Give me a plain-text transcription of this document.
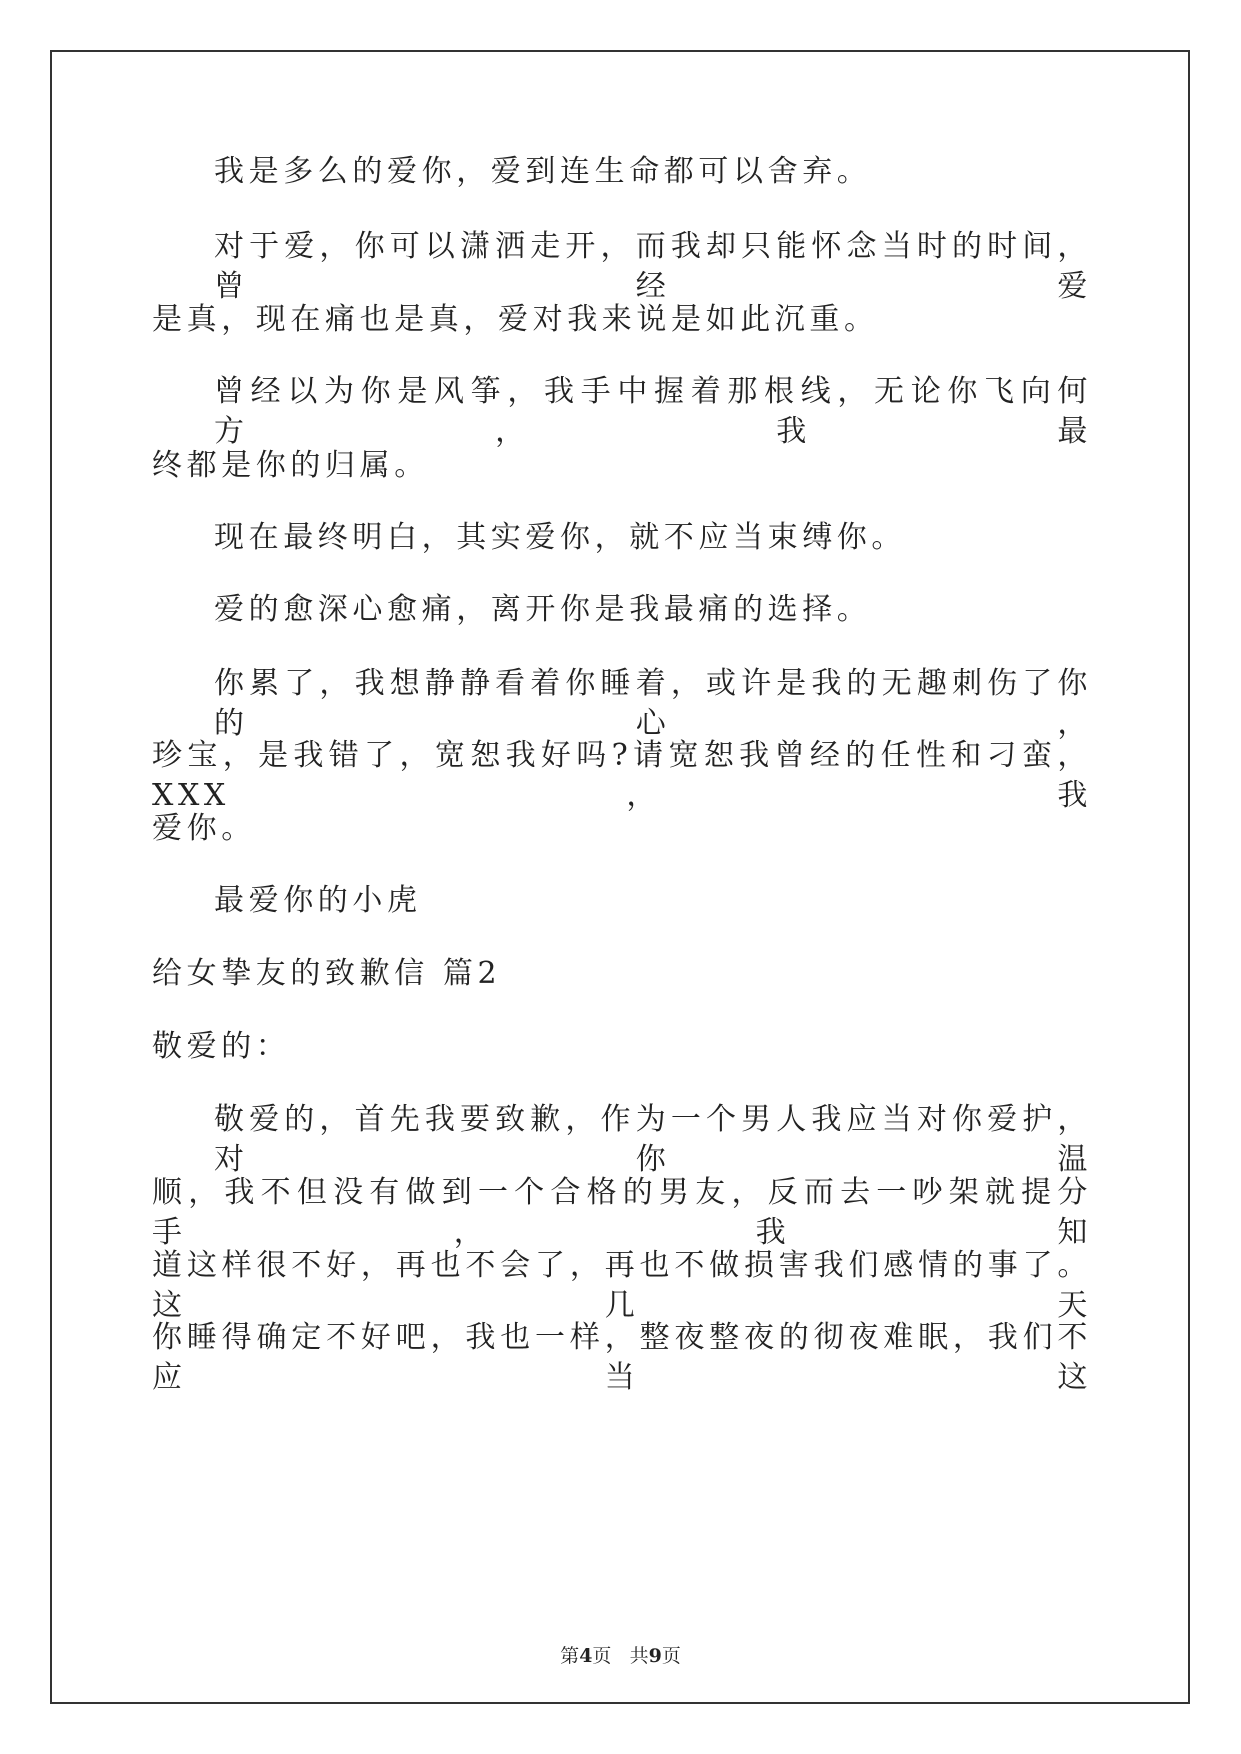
我是多么的爱你，爱到连生命都可以舍弃。
对于爱，你可以潇洒走开，而我却只能怀念当时的时间，曾经爱
是真，现在痛也是真，爱对我来说是如此沉重。
曾经以为你是风筝，我手中握着那根线，无论你飞向何方，我最
终都是你的归属。
现在最终明白，其实爱你，就不应当束缚你。
爱的愈深心愈痛，离开你是我最痛的选择。
你累了，我想静静看着你睡着，或许是我的无趣刺伤了你的心，
珍宝，是我错了，宽恕我好吗?请宽恕我曾经的任性和刁蛮，XXX，我
爱你。
最爱你的小虎
给女挚友的致歉信 篇2
敬爱的：
敬爱的，首先我要致歉，作为一个男人我应当对你爱护，对你温
顺，我不但没有做到一个合格的男友，反而去一吵架就提分手，我知
道这样很不好，再也不会了，再也不做损害我们感情的事了。这几天
你睡得确定不好吧，我也一样，整夜整夜的彻夜难眠，我们不应当这
第4页 共9页
